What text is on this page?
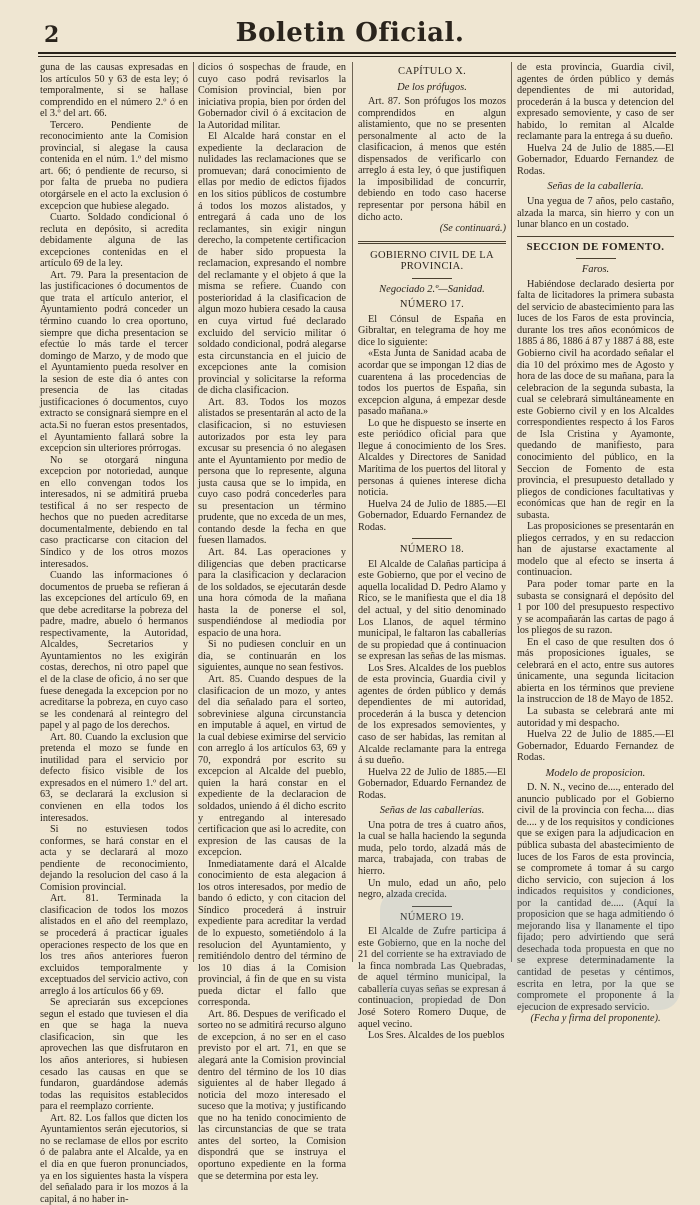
2	Boletin Oficial.

guna de las causas expresadas en los artículos 50 y 63 de esta ley; ó temporalmente, si se hallase comprendido en el número 2.º ó en el 3.º del art. 66.

Tercero. Pendiente de reconocimiento ante la Comision provincial, si alegase la causa contenida en el núm. 1.º del mismo art. 66; ó pendiente de recurso, si por falta de prueba no pudiera otorgársele en el acto la exclusion ó excepcion que hubiese alegado.

Cuarto. Soldado condicional ó recluta en depósito, si acredita debidamente alguna de las excepciones contenidas en el artículo 69 de la ley.

Art. 79. Para la presentacion de las justificaciones ó documentos de que trata el artículo anterior, el Ayuntamiento podrá conceder un término cuando lo crea oportuno, siempre que dicha presentacion se efectúe lo más tarde el tercer domingo de Marzo, y de modo que el Ayuntamiento pueda resolver en la sesion de este dia ó antes con presencia de las citadas justificaciones ó documentos, cuyo extracto se consignará siempre en el acta.Si no fueran estos presentados, el Ayuntamiento fallará sobre la excepcion sin ulteriores prórrogas.

No se otorgará ninguna excepcion por notoriedad, aunque en ello convengan todos los interesados, ni se admitirá prueba testifical á no ser respecto de hechos que no pueden acreditarse documentalmente, debiendo en tal caso practicarse con citacion del Síndico y de los otros mozos interesados.

Cuando las informaciones ó documentos de prueba se refieran á las excepciones del artículo 69, en que debe acreditarse la pobreza del padre, madre, abuelo ó hermanos respectivamente, la Autoridad, Alcaldes, Secretarios y Ayuntamientos no les exigirán costas, derechos, ni otro papel que el de la clase de oficio, á no ser que fuese denegada la excepcion por no acreditarse la pobreza, en cuyo caso se les condenará al reintegro del papel y al pago de los derechos.

Art. 80. Cuando la exclusion que pretenda el mozo se funde en inutilidad para el servicio por defecto físico visible de los expresados en el número 1.º del art. 63, se declarará la exclusion si convienen en ella todos los interesados.

Si no estuviesen todos conformes, se hará constar en el acta y se declarará al mozo pendiente de reconocimiento, dejando la resolucion del caso á la Comision provincial.

Art. 81. Terminada la clasificacion de todos los mozos alistados en el año del reemplazo, se procederá á practicar iguales operaciones respecto de los que en los tres años anteriores fueron excluidos temporalmente y exceptuados del servicio activo, con arreglo á los artículos 66 y 69.

Se apreciarán sus excepciones segun el estado que tuviesen el dia en que se haga la nueva clasificacion, sin que les aprovechen las que disfrutaron en los años anteriores, si hubiesen cesado las causas en que se fundaron, guardándose además todas las requisitos establecidos para el reemplazo corriente.

Art. 82. Los fallos que dicten los Ayuntamientos serán ejecutorios, si no se reclamase de ellos por escrito ó de palabra ante el Alcalde, ya en el dia en que fueron pronunciados, ya en los siguientes hasta la víspera del señalado para ir los mozos á la capital, á no haber in-

dicios ó sospechas de fraude, en cuyo caso podrá revisarlos la Comision provincial, bien por iniciativa propia, bien por órden del Gobernador civil ó á excitacion de la Autoridad militar.

El Alcalde hará constar en el expediente la declaracion de nulidades las reclamaciones que se promuevan; dará conocimiento de ellas por medio de edictos fijados en los sitios públicos de costumbre á todos los mozos alistados, y entregará á cada uno de los reclamantes, sin exigir ningun derecho, la competente certificacion de haber sido propuesta la reclamacion, expresando el nombre del reclamante y el objeto á que la misma se refiere. Cuando con posterioridad á la clasificacion de algun mozo hubiera cesado la causa en cuya virtud fué declarado excluido del servicio militar ó soldado condicional, podrá alegarse esta circunstancia en el juicio de excepciones ante la comision provincial y solicitarse la reforma de dicha clasificacion.

Art. 83. Todos los mozos alistados se presentarán al acto de la clasificacion, si no estuviesen autorizados por esta ley para excusar su presencia ó no alegasen ante el Ayuntamiento por medio de persona que lo represente, alguna justa causa que se lo impida, en cuyo caso podrá concederles para su presentacion un término prudente, que no exceda de un mes, contando desde la fecha en que fuesen llamados.

Art. 84. Las operaciones y diligencias que deben practicarse para la clasificacion y declaracion de los soldados, se ejecutarán desde una hora cómoda de la mañana hasta la de ponerse el sol, suspendiéndose al mediodia por espacio de una hora.

Si no pudiesen concluir en un dia, se continuarán en los siguientes, aunque no sean festivos.

Art. 85. Cuando despues de la clasificacion de un mozo, y antes del dia señalado para el sorteo, sobreviniese alguna circunstancia en imputable á aquel, en virtud de la cual debiese eximirse del servicio con arreglo á los artículos 63, 69 y 70, expondrá por escrito su excepcion al Alcalde del pueblo, quien la hará constar en el expediente de la declaracion de soldados, uniendo á él dicho escrito y entregando al interesado certificacion que asi lo acredite, con expresion de las causas de la excepcion.

Inmediatamente dará el Alcalde conocimiento de esta alegacion á los otros interesados, por medio de bando ó edicto, y con citacion del Síndico procederá á instruir expediente para acreditar la verdad de lo expuesto, sometiéndolo á la resolucion del Ayuntamiento, y remitiéndolo dentro del término de los 10 dias á la Comision provincial, á fin de que en su vista pueda dictar el fallo que corresponda.

Art. 86. Despues de verificado el sorteo no se admitirá recurso alguno de excepcion, á no ser en el caso previsto por el art. 71, en que se alegará ante la Comision provincial dentro del término de los 10 dias siguientes al de haber llegado á noticia del mozo interesado el suceso que la motiva; y justificando que no ha tenido conocimiento de las circunstancias de que se trata antes del sorteo, la Comision dispondrá que se instruya el oportuno expediente en la forma que se determina por esta ley.

CAPÍTULO X.
De los prófugos.

Art. 87. Son prófugos los mozos comprendidos en algun alistamiento, que no se presenten personalmente al acto de la clasificacion, á menos que estén dispensados de verificarlo con arreglo á esta ley, ó que justifiquen la imposibilidad de concurrir, debiendo en todo caso hacerse representar por persona hábil en dicho acto.

(Se continuará.)

GOBIERNO CIVIL DE LA PROVINCIA.
Negociado 2.º—Sanidad.
NÚMERO 17.

El Cónsul de España en Gibraltar, en telegrama de hoy me dice lo siguiente:

«Esta Junta de Sanidad acaba de acordar que se impongan 12 dias de cuarentena á las procedencias de todos los puertos de España, sin excepcion alguna, á empezar desde pasado mañana.»

Lo que he dispuesto se inserte en este periódico oficial para que llegue á conocimiento de los Sres. Alcaldes y Directores de Sanidad Marítima de los puertos del litoral y personas á quienes interese dicha noticia.

Huelva 24 de Julio de 1885.—El Gobernador, Eduardo Fernandez de Rodas.

NÚMERO 18.

El Alcalde de Calañas participa á este Gobierno, que por el vecino de aquella localidad D. Pedro Alamo y Rico, se le manifiesta que el dia 18 del actual, y del sitio denominado Los Llanos, de aquel término municipal, le faltaron las caballerías de su propiedad que á continuacion se expresan las señas de las mismas.

Los Sres. Alcaldes de los pueblos de esta provincia, Guardia civil y agentes de órden público y demás dependientes de mi autoridad, procederán á la busca y detencion de los expresados semovientes, y caso de ser habidas, las remitan al Alcalde reclamante para la entrega á su dueño.

Huelva 22 de Julio de 1885.—El Gobernador, Eduardo Fernandez de Rodas.

Señas de las caballerías.

Una potra de tres á cuatro años, la cual se halla haciendo la segunda muda, pelo tordo, alzadá más de marca, trabajada, con trabas de hierro.

Un mulo, edad un año, pelo negro, alzada crecida.

NÚMERO 19.

El Alcalde de Zufre participa á este Gobierno, que en la noche del 21 del corriente se ha extraviado de la finca nombrada Las Quebradas, de aquel término municipal, la caballería cuyas señas se expresan á continuacion, propiedad de Don José Sotero Romero Duque, de aquel vecino.

Los Sres. Alcaldes de los pueblos

de esta provincia, Guardia civil, agentes de órden público y demás dependientes de mi autoridad, procederán á la busca y detencion del expresado semoviente, y caso de ser habido, lo remitan al Alcalde reclamante para la entrega á su dueño.

Huelva 24 de Julio de 1885.—El Gobernador, Eduardo Fernandez de Rodas.

Señas de la caballería.

Una yegua de 7 años, pelo castaño, alzada la marca, sin hierro y con un lunar blanco en un costado.

SECCION DE FOMENTO.
Faros.

Habiéndose declarado desierta por falta de licitadores la primera subasta del servicio de abastecimiento para las luces de los Faros de esta provincia, durante los tres años económicos de 1885 á 86, 1886 á 87 y 1887 á 88, este Gobierno civil ha acordado señalar el dia 10 del próximo mes de Agosto y hora de las doce de su mañana, para la celebracion de la segunda subasta, la cual se celebrará simultáneamente en este Gobierno civil y en los Alcaldes correspondientes respecto á los Faros de Isla Cristina y Ayamonte, quedando de manifiesto, para conocimiento del público, en la Seccion de Fomento de esta provincia, el presupuesto detallado y pliegos de condiciones facultativas y económicas que han de regir en la subasta.

Las proposiciones se presentarán en pliegos cerrados, y en su redaccion han de ajustarse exactamente al modelo que al efecto se inserta á continuacion.

Para poder tomar parte en la subasta se consignará el depósito del 1 por 100 del presupuesto respectivo y se acompañarán las cartas de pago á los pliegos de su razon.

En el caso de que resulten dos ó más proposiciones iguales, se celebrará en el acto, entre sus autores únicamente, una segunda licitacion abierta en los términos que previene la instruccion de 18 de Mayo de 1852.

La subasta se celebrará ante mi autoridad y mi despacho.

Huelva 22 de Julio de 1885.—El Gobernador, Eduardo Fernandez de Rodas.

Modelo de proposicion.

D. N. N., vecino de...., enterado del anuncio publicado por el Gobierno civil de la provincia con fecha.... dias de.... y de los requisitos y condiciones que se exigen para la adjudicacion en pública subasta del abastecimiento de luces de los Faros de esta provincia, se compromete á tomar á su cargo dicho servicio, con sujecion á los indicados requisitos y condiciones, por la cantidad de..... (Aquí la proposicion que se haga admitiendo ó mejorando lisa y llanamente el tipo fijado; pero advirtiendo que será desechada toda propuesta en que no se exprese determinadamente la cantidad de pesetas y céntimos, escrita en letra, por la que se compromete el proponente á la ejecucion de expresado servicio.

(Fecha y firma del proponente).
